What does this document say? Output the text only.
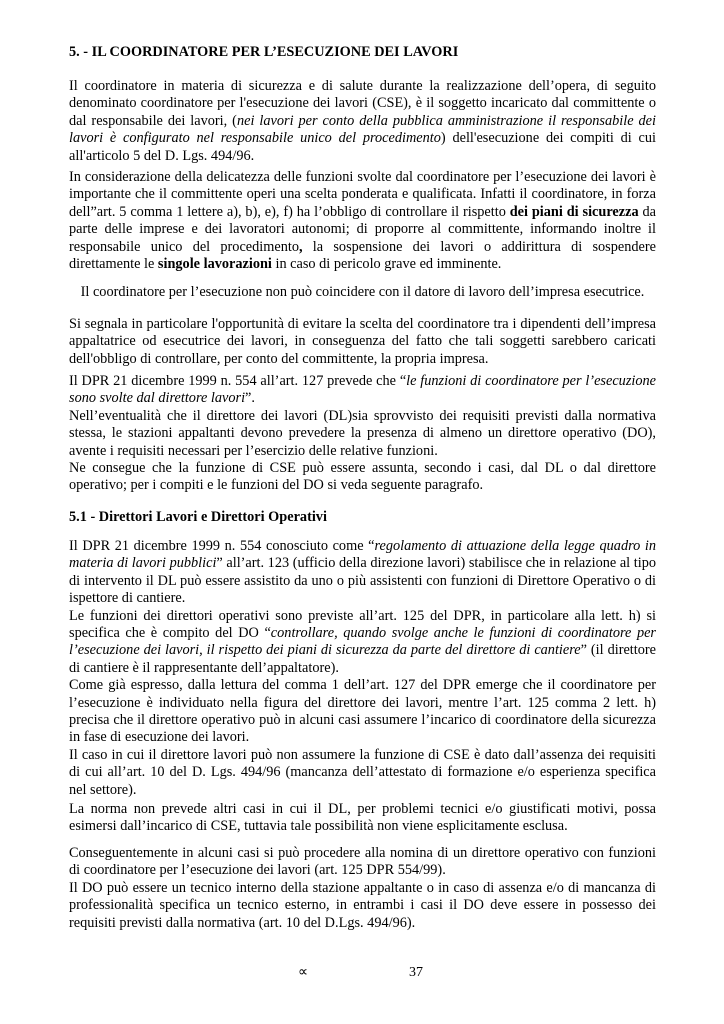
5. - IL COORDINATORE PER L’ESECUZIONE DEI LAVORI

Il coordinatore in materia di sicurezza e di salute durante la realizzazione dell’opera, di seguito denominato coordinatore per l'esecuzione dei lavori (CSE), è il soggetto incaricato dal committente o dal responsabile dei lavori, (nei lavori per conto della pubblica amministrazione il responsabile dei lavori è configurato nel responsabile unico del procedimento) dell'esecuzione dei compiti di cui all'articolo 5 del D. Lgs. 494/96.

In considerazione della delicatezza delle funzioni svolte dal coordinatore per l’esecuzione dei lavori è importante che il committente operi una scelta ponderata e qualificata. Infatti il coordinatore, in forza dell”art. 5 comma 1 lettere a), b), e), f) ha l’obbligo di controllare il rispetto dei piani di sicurezza da parte delle imprese e dei lavoratori autonomi; di proporre al committente, informando inoltre il responsabile unico del procedimento, la sospensione dei lavori o addirittura di sospendere direttamente le singole lavorazioni in caso di pericolo grave ed imminente.

Il coordinatore per l’esecuzione non può coincidere con il datore di lavoro dell’impresa esecutrice.

Si segnala in particolare l'opportunità di evitare la scelta del coordinatore tra i dipendenti dell’impresa appaltatrice od esecutrice dei lavori, in conseguenza del fatto che tali soggetti sarebbero caricati dell'obbligo di controllare, per conto del committente, la propria impresa.

Il DPR 21 dicembre 1999 n. 554 all’art. 127 prevede che “le funzioni di coordinatore per l’esecuzione sono svolte dal direttore lavori”.

Nell’eventualità che il direttore dei lavori (DL)sia sprovvisto dei requisiti previsti dalla normativa stessa, le stazioni appaltanti devono prevedere la presenza di almeno un direttore operativo (DO), avente i requisiti necessari per l’esercizio delle relative funzioni.

Ne consegue che la funzione di CSE può essere assunta, secondo i casi, dal DL o dal direttore operativo; per i compiti e le funzioni del DO si veda seguente paragrafo.

5.1 - Direttori Lavori e Direttori Operativi

Il DPR 21 dicembre 1999 n. 554 conosciuto come “regolamento di attuazione della legge quadro in materia di lavori pubblici” all’art. 123 (ufficio della direzione lavori) stabilisce che in relazione al tipo di intervento il DL può essere assistito da uno o più assistenti con funzioni di Direttore Operativo o di ispettore di cantiere.

Le funzioni dei direttori operativi sono previste all’art. 125 del DPR, in particolare alla lett. h) si specifica che è compito del DO “controllare, quando svolge anche le funzioni di coordinatore per l’esecuzione dei lavori, il rispetto dei piani di sicurezza da parte del direttore di cantiere” (il direttore di cantiere è il rappresentante dell’appaltatore).

Come già espresso, dalla lettura del comma 1 dell’art. 127 del DPR emerge che il coordinatore per l’esecuzione è individuato nella figura del direttore dei lavori, mentre l’art. 125 comma 2 lett. h) precisa che il direttore operativo può in alcuni casi assumere l’incarico di coordinatore della sicurezza in fase di esecuzione dei lavori.

Il caso in cui il direttore lavori può non assumere la funzione di CSE è dato dall’assenza dei requisiti di cui all’art. 10 del D. Lgs. 494/96 (mancanza dell’attestato di formazione e/o esperienza specifica nel settore).

La norma non prevede altri casi in cui il DL, per problemi tecnici e/o giustificati motivi, possa esimersi dall’incarico di CSE, tuttavia tale possibilità non viene esplicitamente esclusa.

Conseguentemente in alcuni casi si può procedere alla nomina di un direttore operativo con funzioni di coordinatore per l’esecuzione dei lavori (art. 125 DPR 554/99).

Il DO può essere un tecnico interno della stazione appaltante o in caso di assenza e/o di mancanza di professionalità specifica un tecnico esterno, in entrambi i casi il DO deve essere in possesso dei requisiti previsti dalla normativa (art. 10 del D.Lgs. 494/96).

∝	37
